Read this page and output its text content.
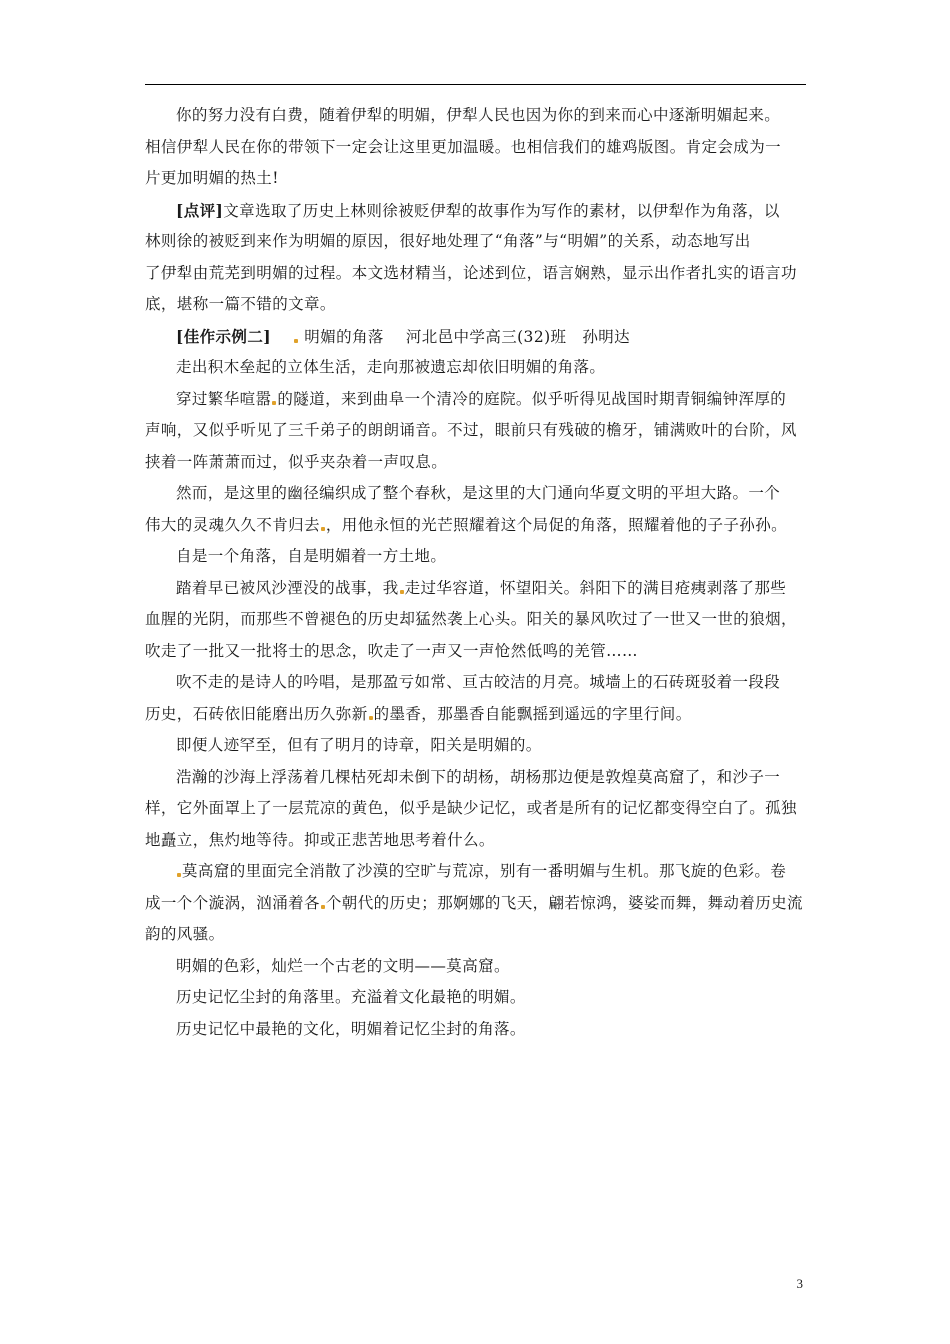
你的努力没有白费，随着伊犁的明媚，伊犁人民也因为你的到来而心中逐渐明媚起来。
相信伊犁人民在你的带领下一定会让这里更加温暖。也相信我们的雄鸡版图。肯定会成为一
片更加明媚的热土!
[点评]文章选取了历史上林则徐被贬伊犁的故事作为写作的素材，以伊犁作为角落，以
林则徐的被贬到来作为明媚的原因，很好地处理了“角落”与“明媚”的关系，动态地写出
了伊犁由荒芜到明媚的过程。本文选材精当，论述到位，语言娴熟，显示出作者扎实的语言功
底，堪称一篇不错的文章。
[佳作示例二] 明媚的角落 河北邑中学高三(32)班　孙明达
走出积木垒起的立体生活，走向那被遗忘却依旧明媚的角落。
穿过繁华喧嚣 的隧道，来到曲阜一个清冷的庭院。似乎听得见战国时期青铜编钟浑厚的
声响，又似乎听见了三千弟子的朗朗诵音。不过，眼前只有残破的檐牙，铺满败叶的台阶，风
挟着一阵萧萧而过，似乎夹杂着一声叹息。
然而，是这里的幽径编织成了整个春秋，是这里的大门通向华夏文明的平坦大路。一个
伟大的灵魂久久不肯归去 ，用他永恒的光芒照耀着这个局促的角落，照耀着他的子子孙孙。
自是一个角落，自是明媚着一方土地。
踏着早已被风沙湮没的战事，我 走过华容道，怀望阳关。斜阳下的满目疮痍剥落了那些
血腥的光阴，而那些不曾褪色的历史却猛然袭上心头。阳关的暴风吹过了一世又一世的狼烟，
吹走了一批又一批将士的思念，吹走了一声又一声怆然低鸣的羌管……
吹不走的是诗人的吟唱，是那盈亏如常、亘古皎洁的月亮。城墙上的石砖斑驳着一段段
历史，石砖依旧能磨出历久弥新 的墨香，那墨香自能飘摇到遥远的字里行间。
即便人迹罕至，但有了明月的诗章，阳关是明媚的。
浩瀚的沙海上浮荡着几棵枯死却未倒下的胡杨，胡杨那边便是敦煌莫高窟了，和沙子一
样，它外面罩上了一层荒凉的黄色，似乎是缺少记忆，或者是所有的记忆都变得空白了。孤独
地矗立，焦灼地等待。抑或正悲苦地思考着什么。
莫高窟的里面完全消散了沙漠的空旷与荒凉，别有一番明媚与生机。那飞旋的色彩。卷
成一个个漩涡，汹涌着各 个朝代的历史；那婀娜的飞天，翩若惊鸿，婆娑而舞，舞动着历史流
韵的风骚。
明媚的色彩，灿烂一个古老的文明——莫高窟。
历史记忆尘封的角落里。充溢着文化最艳的明媚。
历史记忆中最艳的文化，明媚着记忆尘封的角落。
3
